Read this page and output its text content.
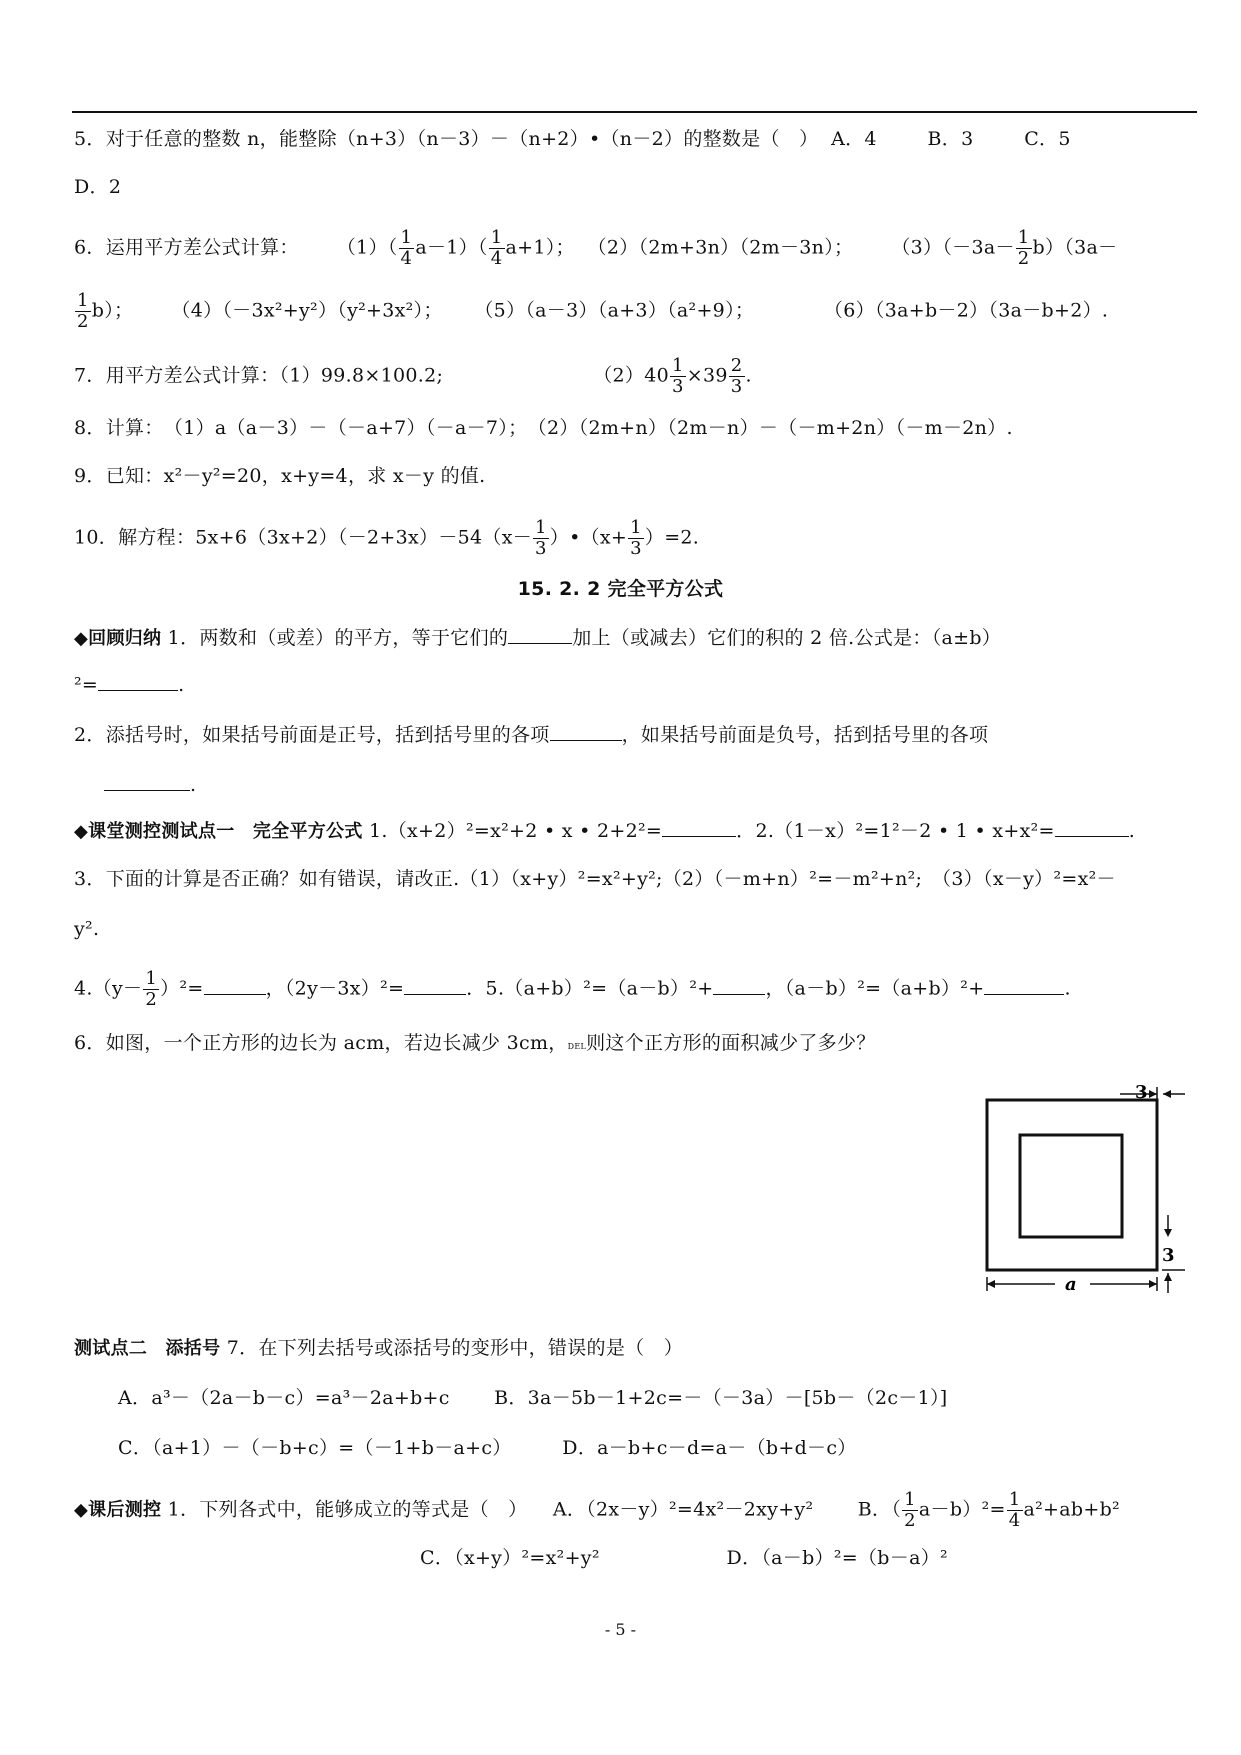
5．对于任意的整数 n，能整除（n+3）（n－3）－（n+2）•（n－2）的整数是（　） A．4	B．3	C．5
D．2
6．运用平方差公式计算： $(1)( \frac{1}{4} a-1)( \frac{1}{4} a+1)$； （2）（2m+3n）（2m－3n）； $(3)(-3a- \frac{1}{2} b)(3a-$
$\frac{1}{2} b$）； （4）（－3x²+y²）（y²+3x²）； （5）（a－3）（a+3）（a²+9）；	（6）（3a+b－2）（3a－b+2）.
7．用平方差公式计算：（1）99.8×100.2;	$(2)40 \frac{1}{3} \times 39 \frac{2}{3}$ .
8．计算：　（1）a（a－3）－（－a+7）（－a－7）；　（2）（2m+n）（2m－n）－（－m+2n）（－m－2n）.
9．已知：x²－y²=20，x+y=4，求 x－y 的值.
10．解方程：$5x+6(3x+2)(-2+3x)-54(x- \frac{1}{3}$ ）•（x+ $\frac{1}{3} )=2$.
15. 2. 2 完全平方公式
◆回顾归纳 1．两数和（或差）的平方，等于它们的	加上（或减去）它们的积的 2 倍.公式是：（a±b）
²=	.
2．添括号时，如果括号前面是正号，括到括号里的各项	，如果括号前面是负号，括到括号里的各项
.
◆课堂测控测试点一　完全平方公式 1.（x+2）²=x²+2 • x • 2+2²=	．2.（1－x）²=1²－2 • 1 • x+x²=	.
3．下面的计算是否正确？如有错误，请改正.（1）（x+y）²=x²+y²;（2）（－m+n）²=－m²+n²;　（3）（x－y）²=x²－
y².
$4.(y- \frac{1}{2} )^2=$	，（2y－3x）²=	．5.（a+b）²=（a－b）²+	，（a－b）²=（a+b）²+	.
6．如图，一个正方形的边长为 acm，若边长减少 3cm，DEL则这个正方形的面积减少了多少？
3
3
a
测试点二　添括号 7．在下列去括号或添括号的变形中，错误的是（　）
A．a³－（2a－b－c）=a³－2a+b+c B．3a－5b－1+2c=－（－3a）－[5b－（2c－1）]
C．（a+1）－（－b+c）=（－1+b－a+c）	D．a－b+c－d=a－（b+d－c）
◆课后测控 1．下列各式中，能够成立的等式是（　） A．（2x－y）²=4x²－2xy+y² B．（ $\frac{1}{2} a-b)^2= \frac{1}{4} a^2+ab+b^2$
C．（x+y）²=x²+y²	D．（a－b）²=（b－a）²
- 5 -
